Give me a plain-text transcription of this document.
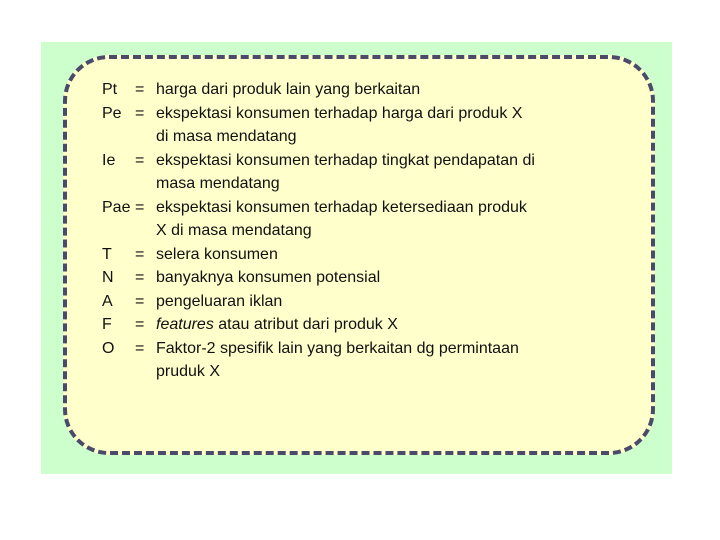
Pt	= harga dari produk lain yang berkaitan
Pe = ekspektasi konsumen terhadap harga dari produk X
di masa mendatang
Ie	= ekspektasi konsumen terhadap tingkat pendapatan di
masa mendatang
Pae = ekspektasi konsumen terhadap ketersediaan produk
X di masa mendatang
T	= selera konsumen
N	= banyaknya konsumen potensial
A	= pengeluaran iklan
F	= features atau atribut dari produk X
O	= Faktor-2 spesifik lain yang berkaitan dg permintaan
pruduk X
